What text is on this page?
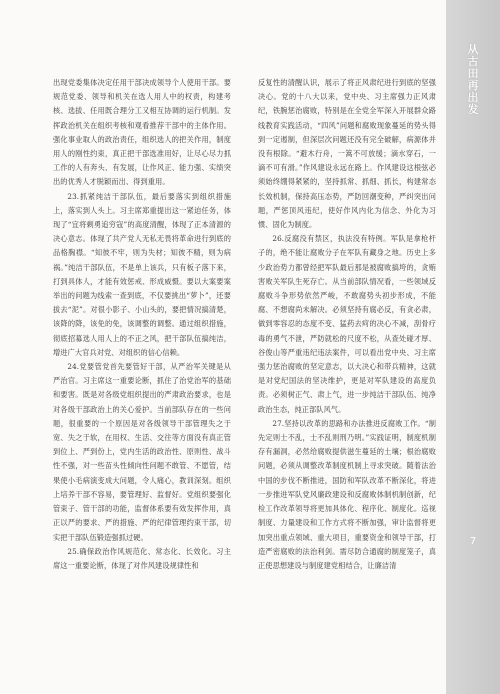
出现党委集体决定任用干部决成领导个人使用干部。要规范党委、领导和机关在选人用人中的权责，构建考核、选拔、任用既合理分工又相互协调的运行机制。发挥政治机关在组织考核和观看推荐干部中的主体作用。强化事业取人的政治责任，组织选人的把关作用，制度用人的刚性约束，真正把干部选准用好，让尽心尽力抓工作的人有奔头、有发展，让作风正、能力强、实绩突出的优秀人才脱颖而出、得到重用。

23.抓紧纯洁干部队伍，最后要落实到组织措施上，落实到人头上。习主席郑重提出这一紧迫任务，体现了“宜将剩勇追穷寇”的高度清醒，体现了正本清源的决心意志。体现了共产党人无私无畏将革命进行到底的品格胸襟。“知彼不牢，则为失材；知彼不精，则为病祸。”纯洁干部队伍，不是单上该兵，只有板子落下来，打到具体人，才能有效惩戒、形成威慑。要以大案要案举出的问题为线索一查到底，不仅要挑出“萝卜”，还要拔去“泥”。对很小影子、小山头的，要把情况搞清楚，该降的降，该免的免，该调整的调整。通过组织措施，彻底招募选人用人上的不正之风，把干部队伍搞纯洁，增进广大官兵对党、对组织的信心信赖。

24.党要管党首先要管好干部，从严治军关键是从严治官。习主席这一重要论断，抓住了治党治军的基础和要害。既是对各级党组织提出的严肃政治要求，也是对各级干部政治上的关心爱护。当前部队存在的一些问题，很重要的一个原因是对各级领导干部管理失之于宽、失之于软，在用权、生活、交往等方面没有真正管到位上、严到份上，党内生活的政治性、原则性、战斗性不强，对一些苗头性倾向性问题不敢管、不愿管，结果使小毛病演变成大问题，令人痛心，教训深刻。组织上培养干部不容易，要管理好、监督好。党组织要强化管束子、管干部的功能，监督体系要有效发挥作用，真正以严的要求、严的措施、严的纪律管理约束干部，切实把干部队伍锻造强抓过硬。

25.确保政治作风规范化、常态化、长效化。习主席这一重要论断，体现了对作风建设规律性和

反复性的清醒认识，展示了将正风肃纪进行到底的坚强决心。党的十八大以来，党中央、习主席强力正风肃纪，铁腕惩治腐败，特别是在全党全军深入开展群众路线教育实践活动，“四风”问题和腐败现象蔓延的势头得到一定遏制，但深层次问题还没有完全破解，病源体并没有根除。“避木行舟，一篙不可放缓；滴水穿石，一滴不可有滑。”作风建设永远在路上。作风建设这根弦必须始终绷得紧紧的，坚持抓常、抓细、抓长，构建常态长效机制，保持高压态势，严防回潮变种，严纠突出问题，严惩顶风违纪，使好作风内化为信念、外化为习惯、固化为制度。

26.反腐没有禁区，执法没有特例。军队是拿枪杆子的，绝不能让腐败分子在军队有藏身之地。历史上多少政治势力都曾经把军队最后那是被腐败搞垮的，贪贿害败关军队生死存亡。从当前部队情况看，一些领域反腐败斗争形势依然严峻，不敢腐势头初步形成，不能腐、不想腐尚未解决。必须坚持有腐必反，有贪必肃，做到零容忍的态度不变、猛药去疴的决心不减，刮骨疗毒的勇气不泄，严防就松的尺度不松，从查处碰才厚、谷俊山等严重违纪违法案件，可以看出党中央、习主席强力惩治腐败的坚定意志，以大决心和带兵精神，这就是对党纪国法的坚决维护，更是对军队建设的高度负责。必须树正气、肃上气，进一步纯洁干部队伍、纯净政治生态，纯正部队风气。

27.坚持以改革的思路和办法推进反腐败工作。“制先定则士不乱，士不乱则刑乃明。”实践证明，制度机制存有漏洞，必然给腐败提供滋生蔓延的土壤；根治腐败问题，必须从调整改革制度机制上寻求突破。随着法治中国的步伐不断推进，国防和军队改革不断深化，将进一步推进军队党风廉政建设和反腐败体制机制创新，纪检工作改革领导将更加具体化、程序化、制度化。巡视制度、力量建设和工作方式将不断加强，审计监督将更加突出重点领域、重大项目，重要资金和领导干部，打造严密腐败的法治利剑。需尽防合通腐的制度笼子，真正使思想建设与制度建党相结合，让廉洁清

从
古
田
再
出
发
7
